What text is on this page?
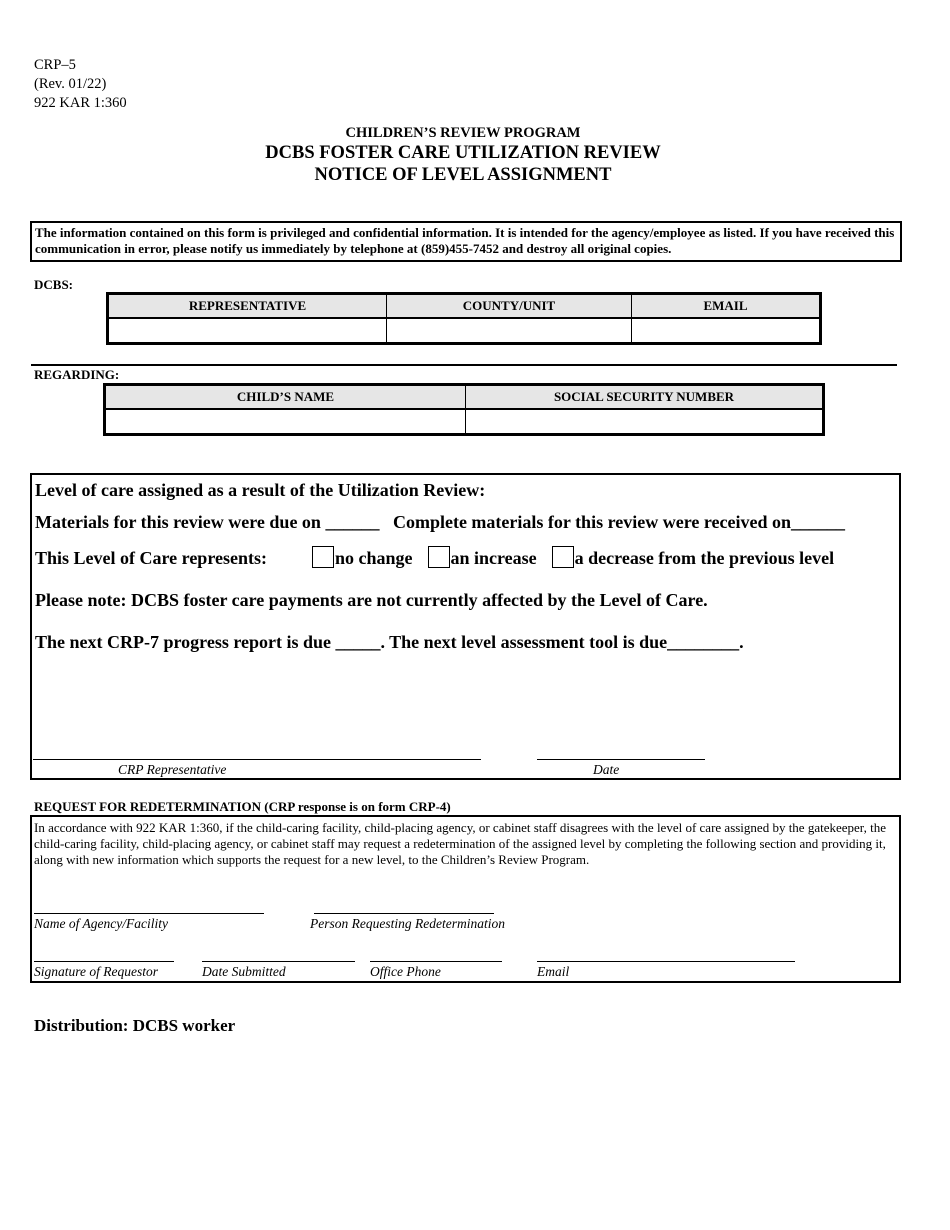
CRP–5
(Rev. 01/22)
922 KAR 1:360
CHILDREN’S REVIEW PROGRAM
DCBS FOSTER CARE UTILIZATION REVIEW
NOTICE OF LEVEL ASSIGNMENT
The information contained on this form is privileged and confidential information. It is intended for the agency/employee as listed. If you have received this communication in error, please notify us immediately by telephone at (859)455-7452 and destroy all original copies.
DCBS:
REPRESENTATIVE	COUNTY/UNIT	EMAIL

REGARDING:
CHILD’S NAME	SOCIAL SECURITY NUMBER

Level of care assigned as a result of the Utilization Review:
Materials for this review were due on ______ Complete materials for this review were received on______
This Level of Care represents:	no change an increase a decrease from the previous level
Please note: DCBS foster care payments are not currently affected by the Level of Care.
The next CRP-7 progress report is due _____. The next level assessment tool is due________.
CRP Representative	Date
REQUEST FOR REDETERMINATION (CRP response is on form CRP-4)
In accordance with 922 KAR 1:360, if the child-caring facility, child-placing agency, or cabinet staff disagrees with the level of care assigned by the gatekeeper, the child-caring facility, child-placing agency, or cabinet staff may request a redetermination of the assigned level by completing the following section and providing it, along with new information which supports the request for a new level, to the Children’s Review Program.
Name of Agency/Facility	Person Requesting Redetermination
Signature of Requestor	Date Submitted	Office Phone	Email
Distribution: DCBS worker
